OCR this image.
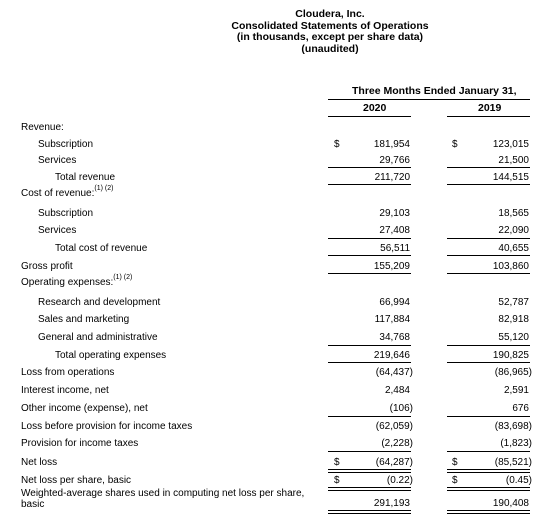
Cloudera, Inc.
Consolidated Statements of Operations
(in thousands, except per share data)
(unaudited)
Three Months Ended January 31,
2020	2019
Revenue:
Subscription	$	181,954	$	123,015
Services	29,766	21,500
Total revenue	211,720	144,515
Cost of revenue:$^{(1) (2)}$
Subscription	29,103	18,565
Services	27,408	22,090
Total cost of revenue	56,511	40,655
Gross profit	155,209	103,860
Operating expenses:$^{(1) (2)}$
Research and development	66,994	52,787
Sales and marketing	117,884	82,918
General and administrative	34,768	55,120
Total operating expenses	219,646	190,825
Loss from operations	(64,437)	(86,965)
Interest income, net	2,484	2,591
Other income (expense), net	(106)	676
Loss before provision for income taxes	(62,059)	(83,698)
Provision for income taxes	(2,228)	(1,823)
Net loss	$	(64,287)	$	(85,521)
Net loss per share, basic	$	(0.22)	$	(0.45)
Weighted-average shares used in computing net loss per share,
basic	291,193	190,408
